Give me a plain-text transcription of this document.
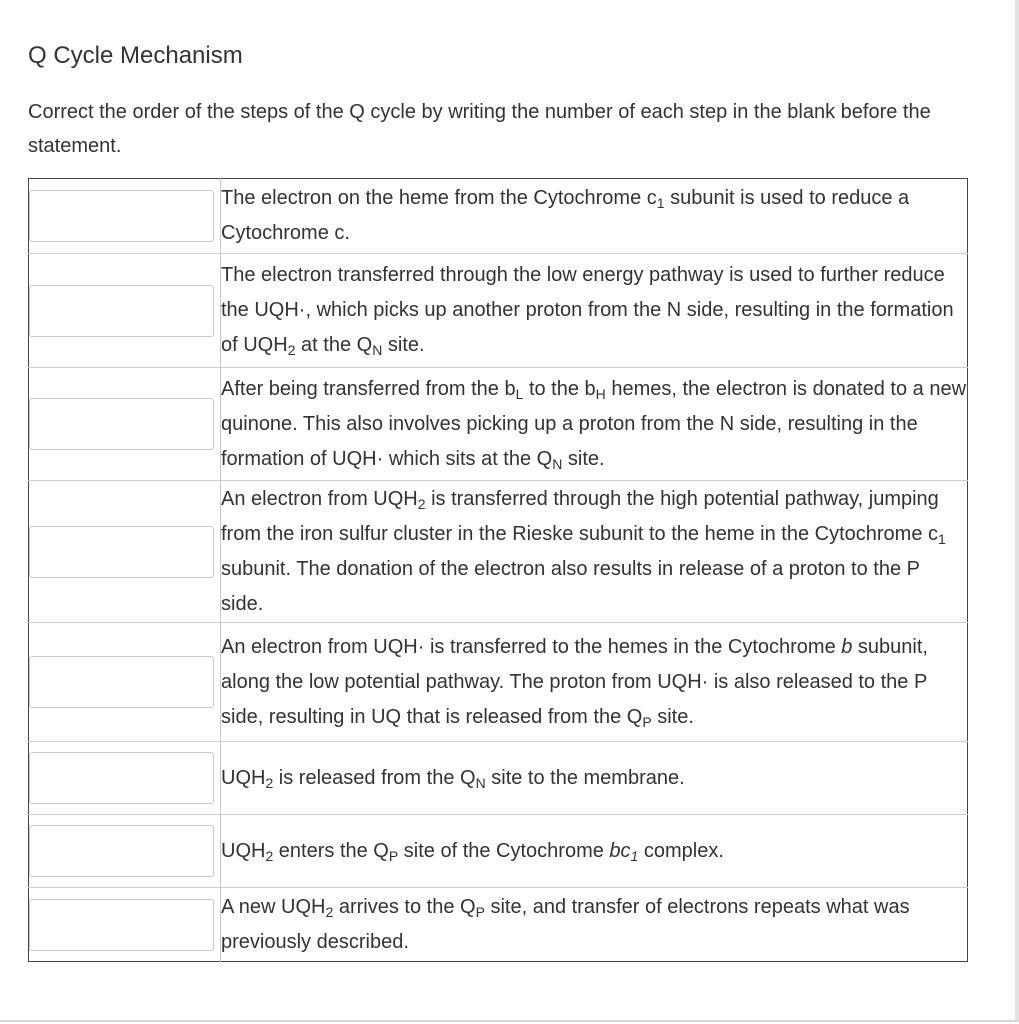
Q Cycle Mechanism

Correct the order of the steps of the Q cycle by writing the number of each step in the blank before the statement.

	The electron on the heme from the Cytochrome $c_1$ subunit is used to reduce a Cytochrome c.

	The electron transferred through the low energy pathway is used to further reduce the UQH·, which picks up another proton from the N side, resulting in the formation of $UQH_2$ at the $Q_N$ site.

	After being transferred from the $b_L$ to the $b_H$ hemes, the electron is donated to a new quinone. This also involves picking up a proton from the N side, resulting in the formation of UQH· which sits at the $Q_N$ site.

	An electron from $UQH_2$ is transferred through the high potential pathway, jumping from the iron sulfur cluster in the Rieske subunit to the heme in the Cytochrome $c_1$ subunit. The donation of the electron also results in release of a proton to the P side.

	An electron from UQH· is transferred to the hemes in the Cytochrome b subunit, along the low potential pathway. The proton from UQH· is also released to the P side, resulting in UQ that is released from the $Q_P$ site.

	$UQH_2$ is released from the $Q_N$ site to the membrane.

	$UQH_2$ enters the $Q_P$ site of the Cytochrome $bc_1$ complex.

	A new $UQH_2$ arrives to the $Q_P$ site, and transfer of electrons repeats what was previously described.
